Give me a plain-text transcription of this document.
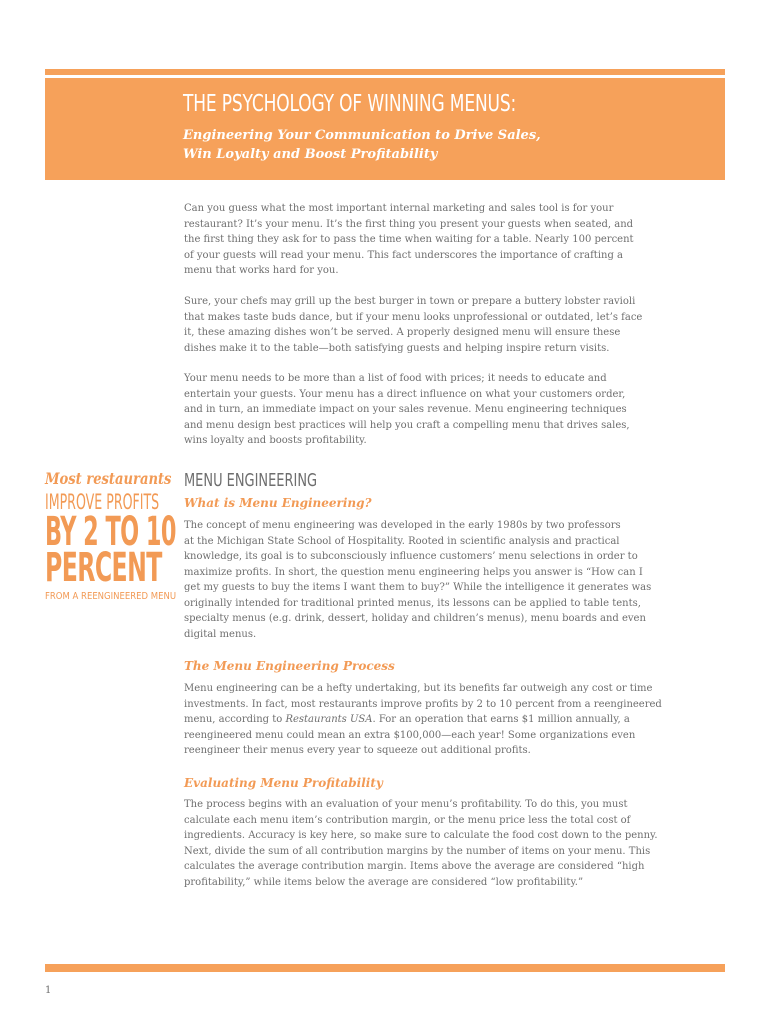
THE PSYCHOLOGY OF WINNING MENUS:
Engineering Your Communication to Drive Sales,
Win Loyalty and Boost Profitability

Can you guess what the most important internal marketing and sales tool is for your
restaurant? It’s your menu. It’s the first thing you present your guests when seated, and
the first thing they ask for to pass the time when waiting for a table. Nearly 100 percent
of your guests will read your menu. This fact underscores the importance of crafting a
menu that works hard for you.

Sure, your chefs may grill up the best burger in town or prepare a buttery lobster ravioli
that makes taste buds dance, but if your menu looks unprofessional or outdated, let’s face
it, these amazing dishes won’t be served. A properly designed menu will ensure these
dishes make it to the table—both satisfying guests and helping inspire return visits.

Your menu needs to be more than a list of food with prices; it needs to educate and
entertain your guests. Your menu has a direct influence on what your customers order,
and in turn, an immediate impact on your sales revenue. Menu engineering techniques
and menu design best practices will help you craft a compelling menu that drives sales,
wins loyalty and boosts profitability.

Most restaurants
IMPROVE PROFITS
BY 2 TO 10
PERCENT
FROM A REENGINEERED MENU
MENU ENGINEERING
What is Menu Engineering?

The concept of menu engineering was developed in the early 1980s by two professors
at the Michigan State School of Hospitality. Rooted in scientific analysis and practical
knowledge, its goal is to subconsciously influence customers’ menu selections in order to
maximize profits. In short, the question menu engineering helps you answer is “How can I
get my guests to buy the items I want them to buy?” While the intelligence it generates was
originally intended for traditional printed menus, its lessons can be applied to table tents,
specialty menus (e.g. drink, dessert, holiday and children’s menus), menu boards and even
digital menus.

The Menu Engineering Process

Menu engineering can be a hefty undertaking, but its benefits far outweigh any cost or time
investments. In fact, most restaurants improve profits by 2 to 10 percent from a reengineered
menu, according to Restaurants USA. For an operation that earns $1 million annually, a
reengineered menu could mean an extra $100,000—each year! Some organizations even
reengineer their menus every year to squeeze out additional profits.

Evaluating Menu Profitability

The process begins with an evaluation of your menu’s profitability. To do this, you must
calculate each menu item’s contribution margin, or the menu price less the total cost of
ingredients. Accuracy is key here, so make sure to calculate the food cost down to the penny.
Next, divide the sum of all contribution margins by the number of items on your menu. This
calculates the average contribution margin. Items above the average are considered “high
profitability,” while items below the average are considered “low profitability.”

1
